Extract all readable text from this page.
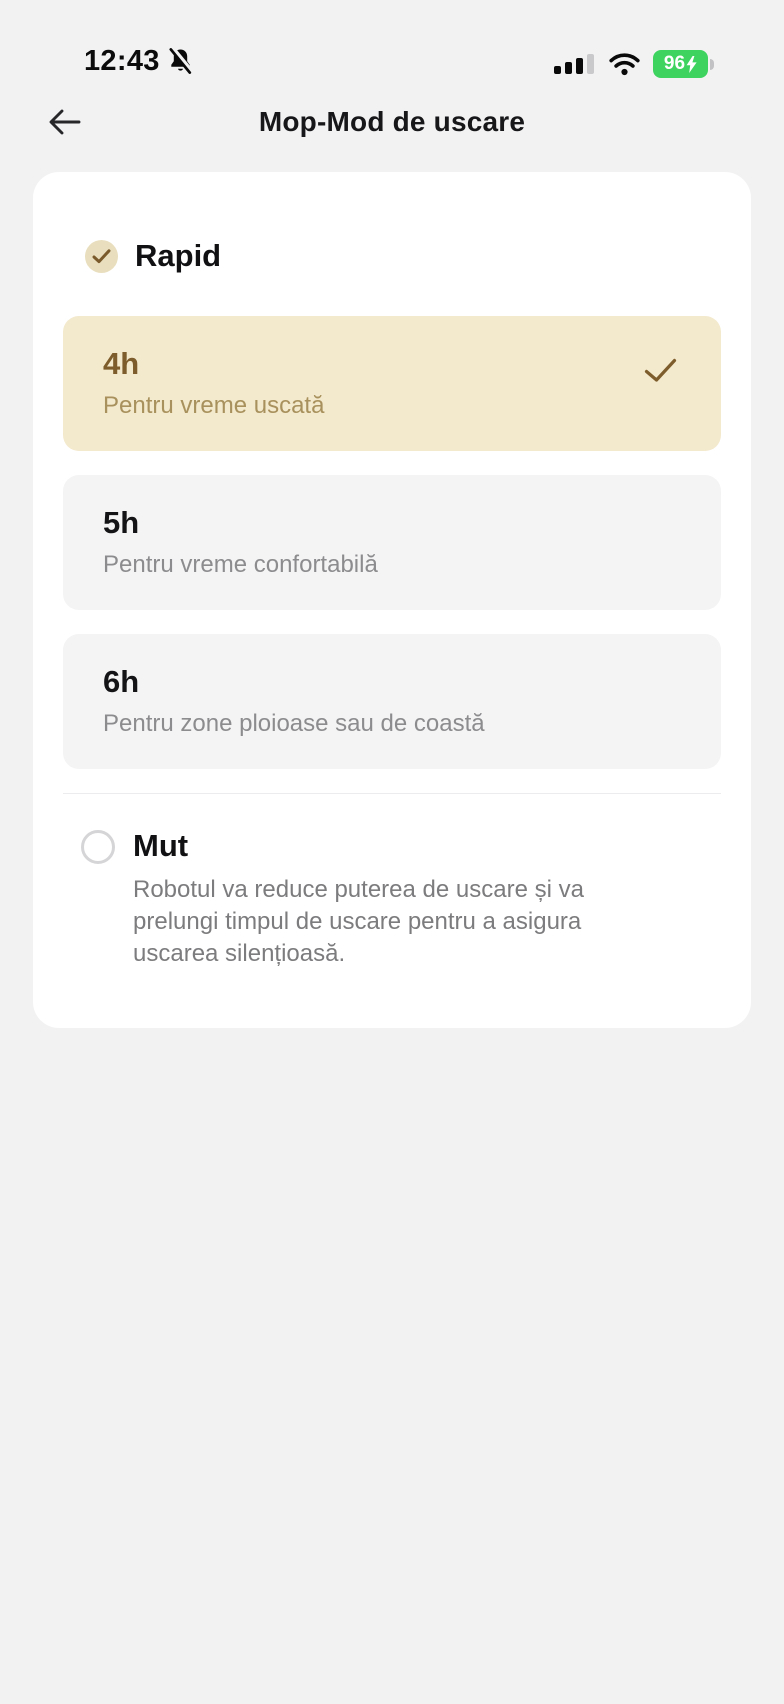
12:43	96
Mop-Mod de uscare
Rapid
4h
Pentru vreme uscată
5h
Pentru vreme confortabilă
6h
Pentru zone ploioase sau de coastă
Mut
Robotul va reduce puterea de uscare și va prelungi timpul de uscare pentru a asigura uscarea silențioasă.
